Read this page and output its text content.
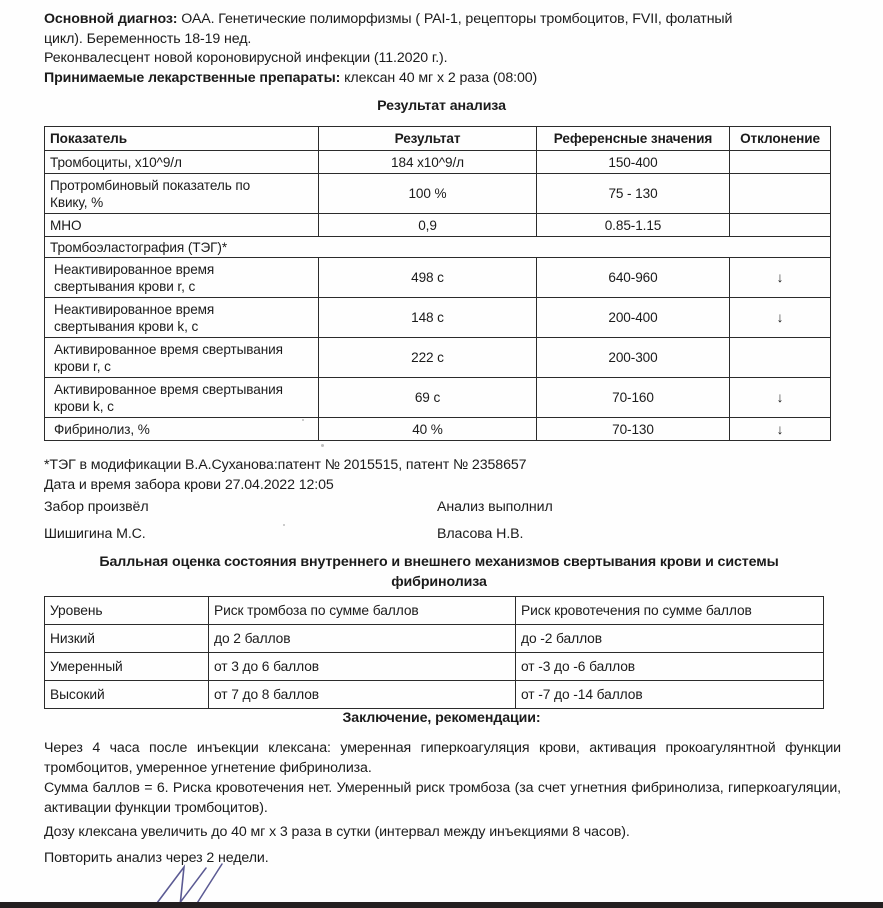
Основной диагноз: ОАА. Генетические полиморфизмы ( PAI-1, рецепторы тромбоцитов, FVII, фолатный
цикл). Беременность 18-19 нед.
Реконвалесцент новой короновирусной инфекции (11.2020 г.).
Принимаемые лекарственные препараты: клексан 40 мг х 2 раза (08:00)
Результат анализа
Показатель	Результат	Референсные значения	Отклонение
Тромбоциты, х10^9/л	184 х10^9/л	150-400	
Протромбиновый показатель по
Квику, %	100 %	75 - 130	
МНО	0,9	0.85-1.15	
Тромбоэластография (ТЭГ)*			
Неактивированное время
свертывания крови r, с	498 с	640-960	↓
Неактивированное время
свертывания крови k, с	148 с	200-400	↓
Активированное время свертывания
крови r, с	222 с	200-300	
Активированное время свертывания
крови k, с	69 с	70-160	↓
Фибринолиз, %	40 %	70-130	↓
*ТЭГ в модификации В.А.Суханова:патент № 2015515, патент № 2358657
Дата и время забора крови 27.04.2022 12:05
Забор произвёл	Анализ выполнил
Шишигина М.С.	Власова Н.В.
Балльная оценка состояния внутреннего и внешнего механизмов свертывания крови и системы
фибринолиза
Уровень	Риск тромбоза по сумме баллов	Риск кровотечения по сумме баллов
Низкий	до 2 баллов	до -2 баллов
Умеренный	от 3 до 6 баллов	от -3 до -6 баллов
Высокий	от 7 до 8 баллов	от -7 до -14 баллов
Заключение, рекомендации:
Через 4 часа после инъекции клексана: умеренная гиперкоагуляция крови, активация прокоагулянтной функции тромбоцитов, умеренное угнетение фибринолиза.
Сумма баллов = 6. Риска кровотечения нет. Умеренный риск тромбоза (за счет угнетния фибринолиза, гиперкоагуляции, активации функции тромбоцитов).
Дозу клексана увеличить до 40 мг х 3 раза в сутки (интервал между инъекциями 8 часов).
Повторить анализ через 2 недели.
